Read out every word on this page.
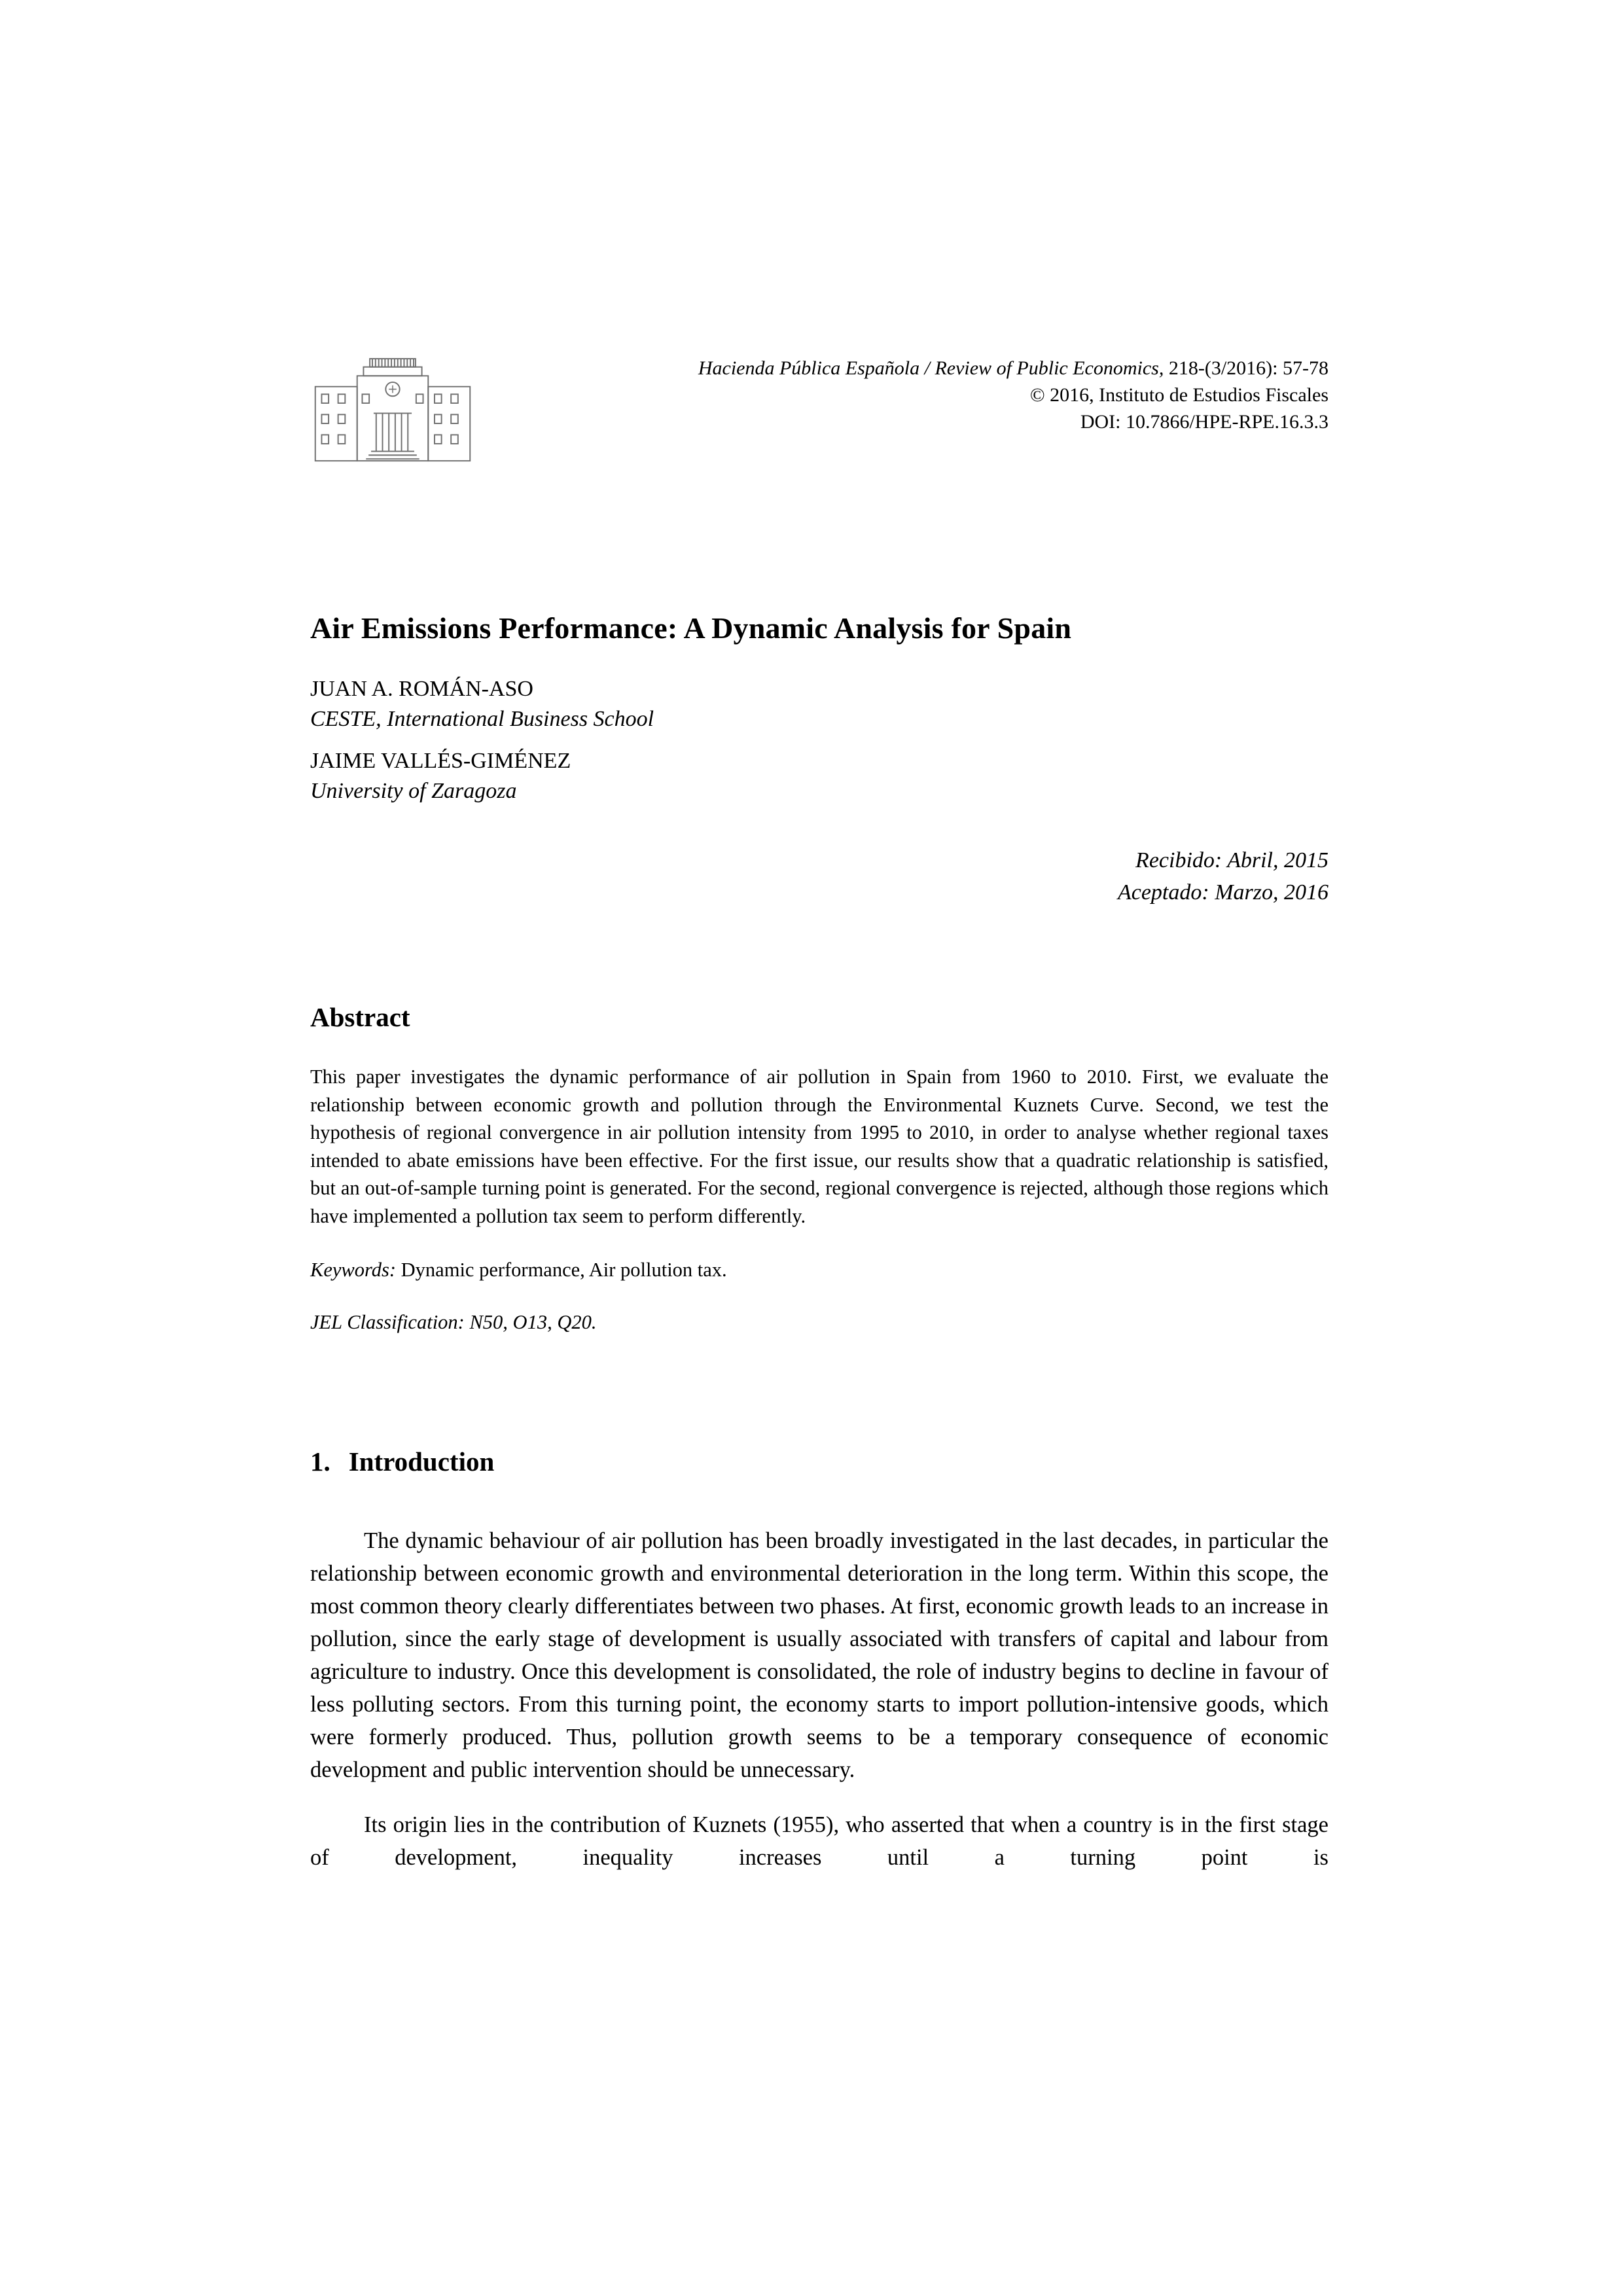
Hacienda Pública Española / Review of Public Economics, 218-(3/2016): 57-78
© 2016, Instituto de Estudios Fiscales
DOI: 10.7866/HPE-RPE.16.3.3
Air Emissions Performance: A Dynamic Analysis for Spain
JUAN A. ROMÁN-ASO
CESTE, International Business School
JAIME VALLÉS-GIMÉNEZ
University of Zaragoza
Recibido: Abril, 2015
Aceptado: Marzo, 2016
Abstract

This paper investigates the dynamic performance of air pollution in Spain from 1960 to 2010. First, we evaluate the relationship between economic growth and pollution through the Environmental Kuznets Curve. Second, we test the hypothesis of regional convergence in air pollution intensity from 1995 to 2010, in order to analyse whether regional taxes intended to abate emissions have been effective. For the first issue, our results show that a quadratic relationship is satisfied, but an out-of-sample turning point is generated. For the second, regional convergence is rejected, although those regions which have implemented a pollution tax seem to perform differently.

Keywords: Dynamic performance, Air pollution tax.

JEL Classification: N50, O13, Q20.

1. Introduction

The dynamic behaviour of air pollution has been broadly investigated in the last decades, in particular the relationship between economic growth and environmental deterioration in the long term. Within this scope, the most common theory clearly differentiates between two phases. At first, economic growth leads to an increase in pollution, since the early stage of development is usually associated with transfers of capital and labour from agriculture to industry. Once this development is consolidated, the role of industry begins to decline in favour of less polluting sectors. From this turning point, the economy starts to import pollution-intensive goods, which were formerly produced. Thus, pollution growth seems to be a temporary consequence of economic development and public intervention should be unnecessary.

Its origin lies in the contribution of Kuznets (1955), who asserted that when a country is in the first stage of development, inequality increases until a turning point is
